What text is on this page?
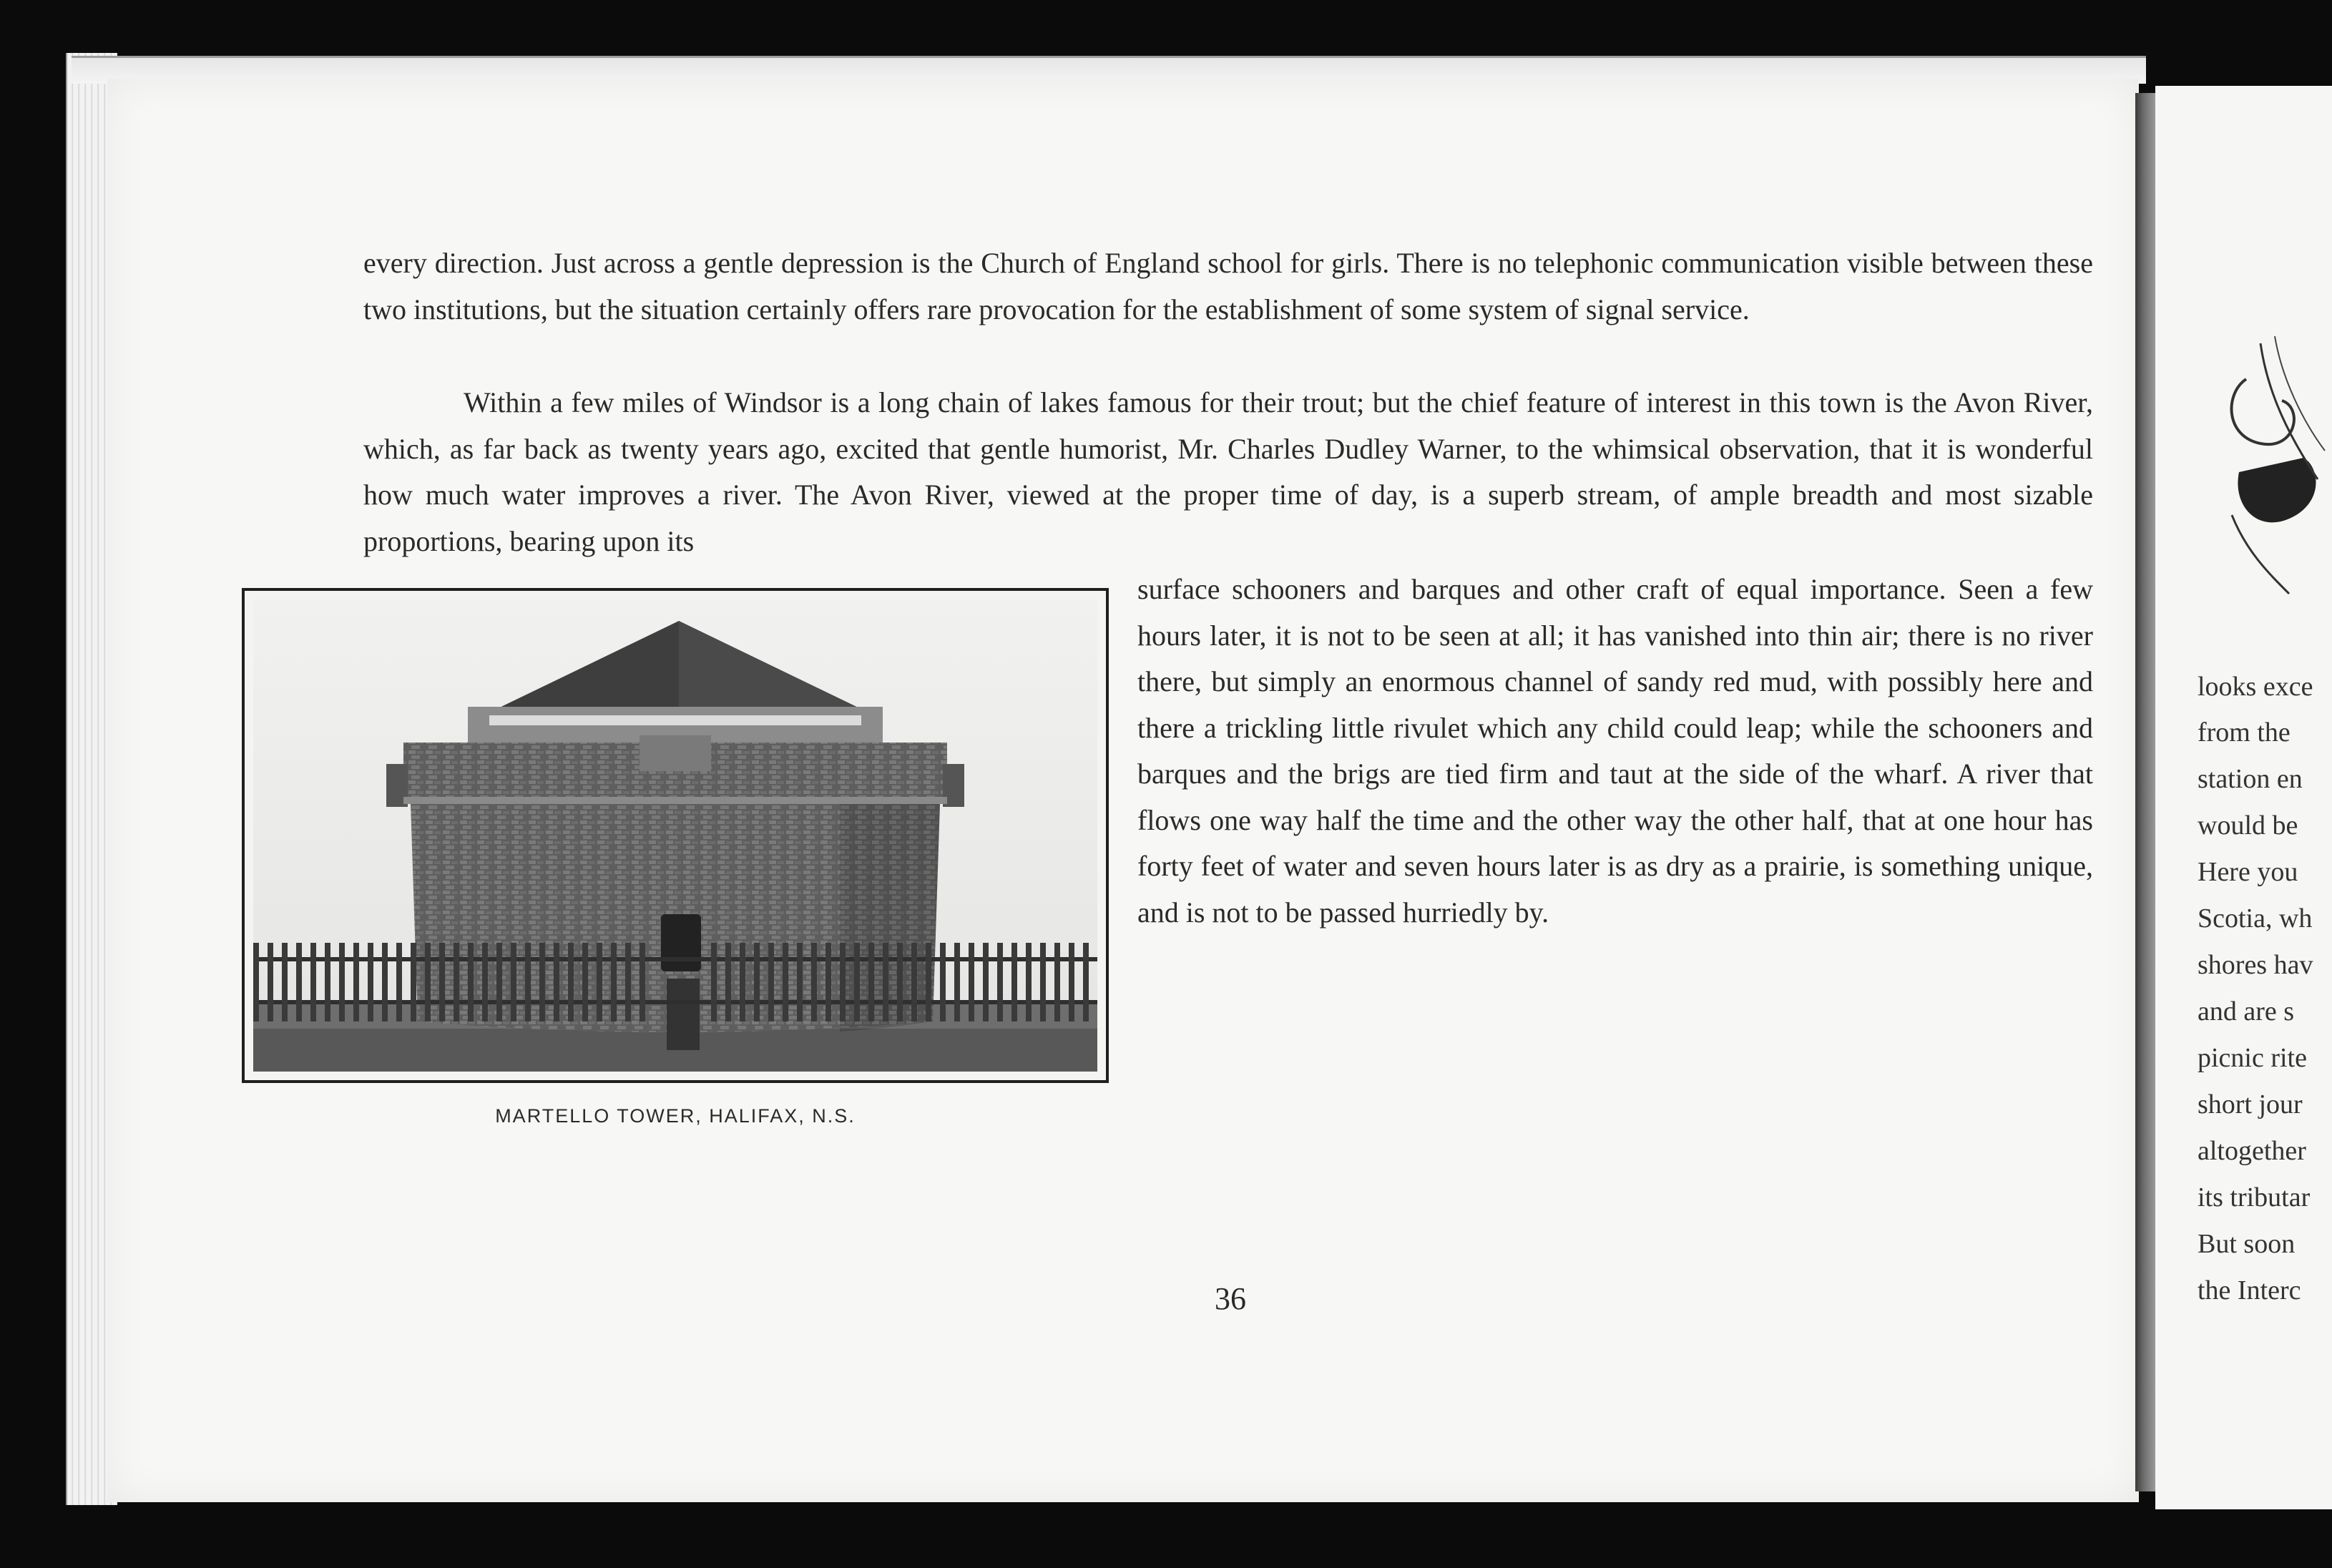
every direction. Just across a gentle depression is the Church of England school for girls. There is no telephonic communication visible between these two institutions, but the situation certainly offers rare provocation for the establishment of some system of signal service.

Within a few miles of Windsor is a long chain of lakes famous for their trout; but the chief feature of interest in this town is the Avon River, which, as far back as twenty years ago, excited that gentle humorist, Mr. Charles Dudley Warner, to the whimsical observation, that it is wonderful how much water improves a river. The Avon River, viewed at the proper time of day, is a superb stream, of ample breadth and most sizable proportions, bearing upon its

surface schooners and barques and other craft of equal importance. Seen a few hours later, it is not to be seen at all; it has vanished into thin air; there is no river there, but simply an enormous channel of sandy red mud, with possibly here and there a trickling little rivulet which any child could leap; while the schooners and barques and the brigs are tied firm and taut at the side of the wharf. A river that flows one way half the time and the other way the other half, that at one hour has forty feet of water and seven hours later is as dry as a prairie, is something unique, and is not to be passed hurriedly by.

MARTELLO TOWER, HALIFAX, N.S.
36
looks exce
from the
station en
would be
Here you
Scotia, wh
shores hav
and are s
picnic rite
short jour
altogether
its tributar
But soon
the Interc
